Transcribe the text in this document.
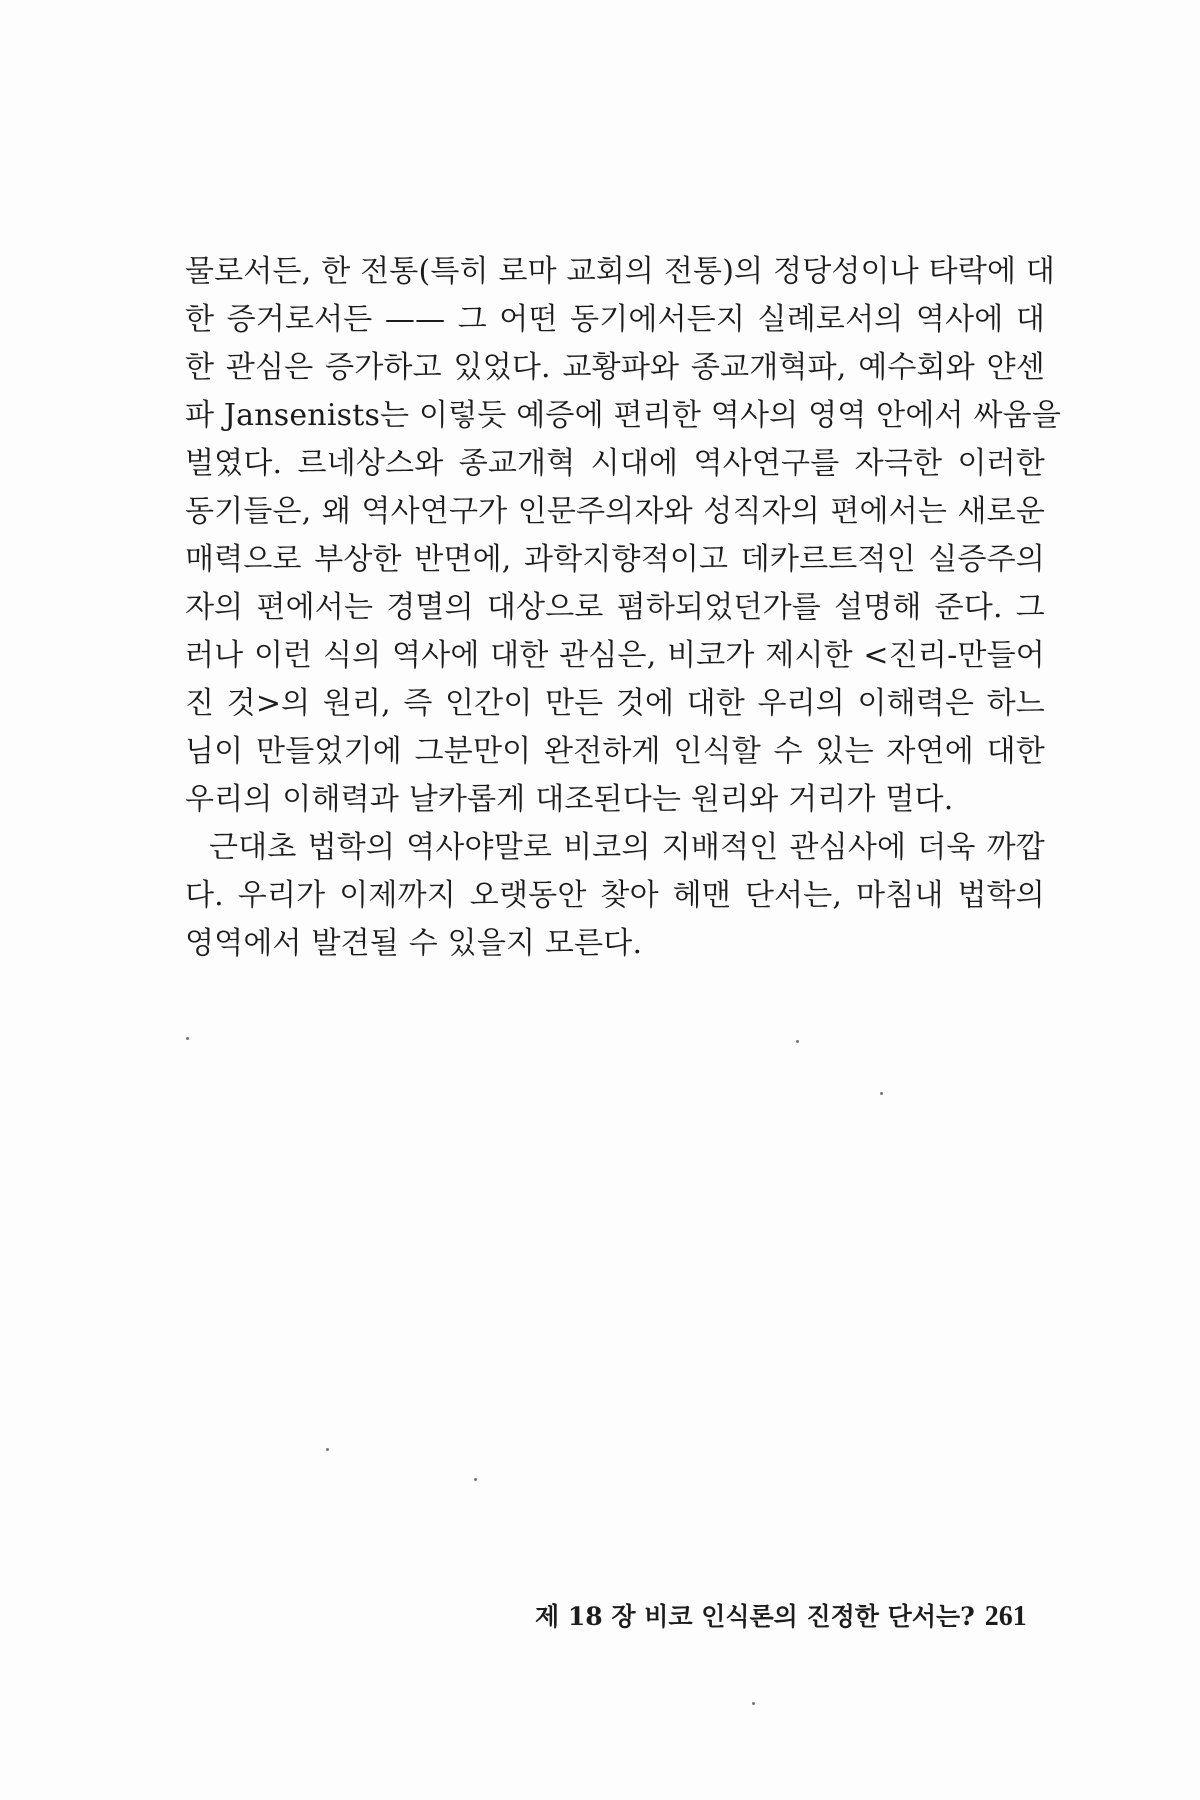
물로서든, 한 전통(특히 로마 교회의 전통)의 정당성이나 타락에 대
한 증거로서든 —— 그 어떤 동기에서든지 실례로서의 역사에 대
한 관심은 증가하고 있었다. 교황파와 종교개혁파, 예수회와 얀센
파 Jansenists는 이렇듯 예증에 편리한 역사의 영역 안에서 싸움을
벌였다. 르네상스와 종교개혁 시대에 역사연구를 자극한 이러한
동기들은, 왜 역사연구가 인문주의자와 성직자의 편에서는 새로운
매력으로 부상한 반면에, 과학지향적이고 데카르트적인 실증주의
자의 편에서는 경멸의 대상으로 폄하되었던가를 설명해 준다. 그
러나 이런 식의 역사에 대한 관심은, 비코가 제시한 <진리-만들어
진 것>의 원리, 즉 인간이 만든 것에 대한 우리의 이해력은 하느
님이 만들었기에 그분만이 완전하게 인식할 수 있는 자연에 대한
우리의 이해력과 날카롭게 대조된다는 원리와 거리가 멀다.
근대초 법학의 역사야말로 비코의 지배적인 관심사에 더욱 까깝
다. 우리가 이제까지 오랫동안 찾아 헤맨 단서는, 마침내 법학의
영역에서 발견될 수 있을지 모른다.
제 18 장 비코 인식론의 진정한 단서는? 261
